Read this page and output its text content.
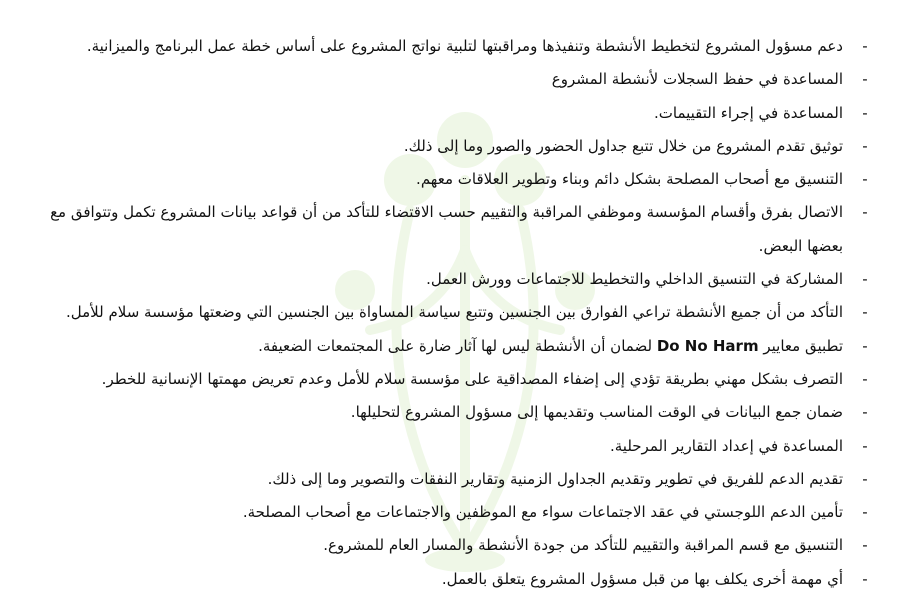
-
دعم مسؤول المشروع لتخطيط الأنشطة وتنفيذها ومراقبتها لتلبية نواتج المشروع على أساس خطة عمل البرنامج والميزانية.
-
المساعدة في حفظ السجلات لأنشطة المشروع
-
المساعدة في إجراء التقييمات.
-
توثيق تقدم المشروع من خلال تتبع جداول الحضور والصور وما إلى ذلك.
-
التنسيق مع أصحاب المصلحة بشكل دائم وبناء وتطوير العلاقات معهم.
-
الاتصال بفرق وأقسام المؤسسة وموظفي المراقبة والتقييم حسب الاقتضاء للتأكد من أن قواعد بيانات المشروع تكمل وتتوافق مع بعضها البعض.
-
المشاركة في التنسيق الداخلي والتخطيط للاجتماعات وورش العمل.
-
التأكد من أن جميع الأنشطة تراعي الفوارق بين الجنسين وتتبع سياسة المساواة بين الجنسين التي وضعتها مؤسسة سلام للأمل.
-
تطبيق معايير Do No Harm لضمان أن الأنشطة ليس لها آثار ضارة على المجتمعات الضعيفة.
-
التصرف بشكل مهني بطريقة تؤدي إلى إضفاء المصداقية على مؤسسة سلام للأمل وعدم تعريض مهمتها الإنسانية للخطر.
-
ضمان جمع البيانات في الوقت المناسب وتقديمها إلى مسؤول المشروع لتحليلها.
-
المساعدة في إعداد التقارير المرحلية.
-
تقديم الدعم للفريق في تطوير وتقديم الجداول الزمنية وتقارير النفقات والتصوير وما إلى ذلك.
-
تأمين الدعم اللوجستي في عقد الاجتماعات سواء مع الموظفين والاجتماعات مع أصحاب المصلحة.
-
التنسيق مع قسم المراقبة والتقييم للتأكد من جودة الأنشطة والمسار العام للمشروع.
-
أي مهمة أخرى يكلف بها من قبل مسؤول المشروع يتعلق بالعمل.
